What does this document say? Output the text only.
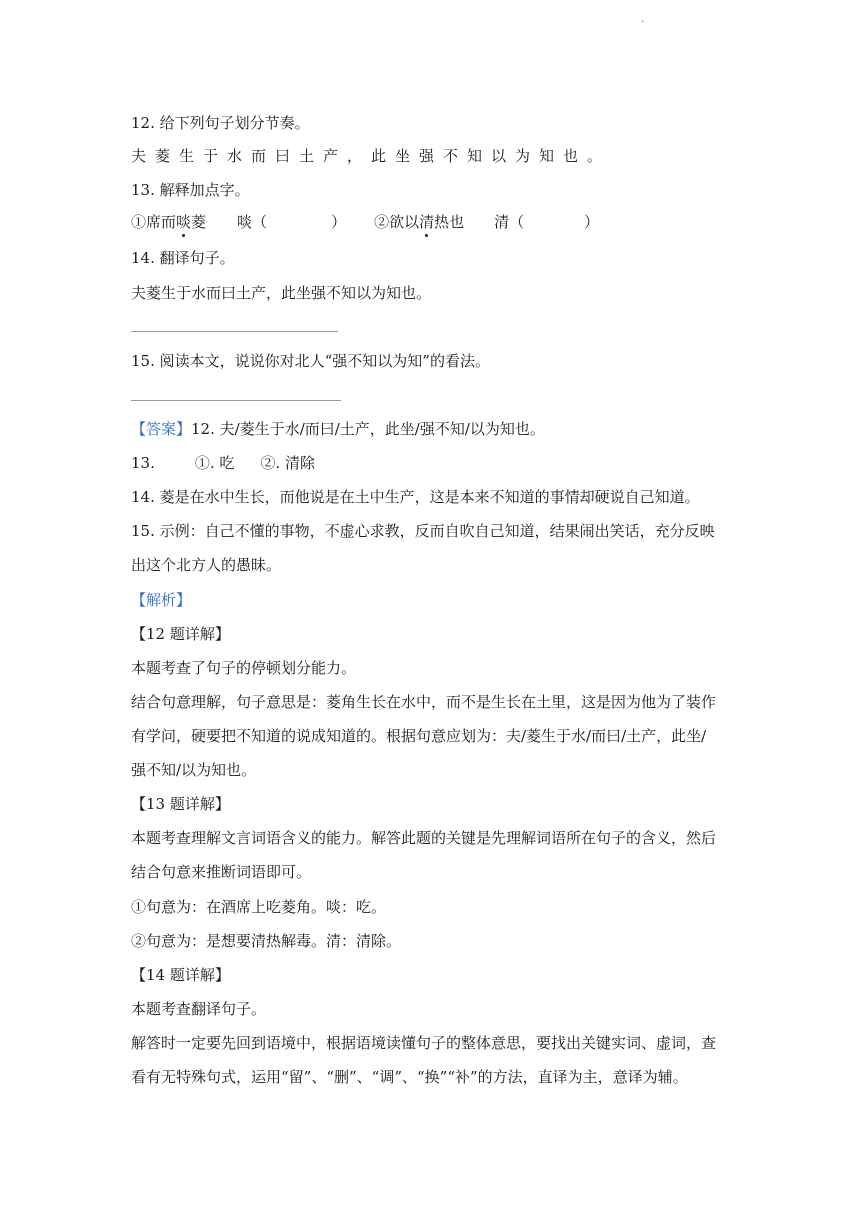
.
12. 给下列句子划分节奏。
夫菱生于水而曰土产，此坐强不知以为知也。
13. 解释加点字。
①席而啖菱 啖（	） ②欲以清热也 清（	）
14. 翻译句子。
夫菱生于水而曰土产，此坐强不知以为知也。
15. 阅读本文，说说你对北人“强不知以为知”的看法。
【答案】12. 夫/菱生于水/而曰/土产，此坐/强不知/以为知也。
13.	①. 吃 ②. 清除
14. 菱是在水中生长，而他说是在土中生产，这是本来不知道的事情却硬说自己知道。
15. 示例：自己不懂的事物，不虚心求教，反而自吹自己知道，结果闹出笑话，充分反映
出这个北方人的愚昧。
【解析】
【12 题详解】
本题考查了句子的停顿划分能力。
结合句意理解，句子意思是：菱角生长在水中，而不是生长在土里，这是因为他为了装作
有学问，硬要把不知道的说成知道的。根据句意应划为：夫/菱生于水/而曰/土产，此坐/
强不知/以为知也。
【13 题详解】
本题考查理解文言词语含义的能力。解答此题的关键是先理解词语所在句子的含义，然后
结合句意来推断词语即可。
①句意为：在酒席上吃菱角。啖：吃。
②句意为：是想要清热解毒。清：清除。
【14 题详解】
本题考查翻译句子。
解答时一定要先回到语境中，根据语境读懂句子的整体意思，要找出关键实词、虚词，查
看有无特殊句式，运用“留”、“删”、“调”、“换”“补”的方法，直译为主，意译为辅。
